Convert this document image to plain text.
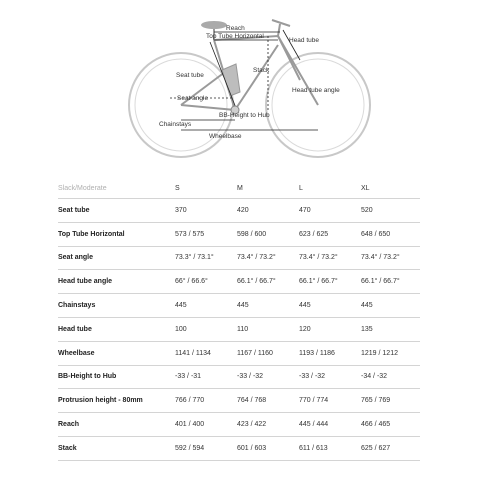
Reach
Top Tube Horizontal
Head tube
Stack
Seat tube
Head tube angle
Seat angle
BB-Height to Hub
Chainstays
Wheelbase
Slack/Moderate	S	M	L	XL
Seat tube	370	420	470	520
Top Tube Horizontal	573 / 575	598 / 600	623 / 625	648 / 650
Seat angle	73.3° / 73.1°	73.4° / 73.2°	73.4° / 73.2°	73.4° / 73.2°
Head tube angle	66° / 66.6°	66.1° / 66.7°	66.1° / 66.7°	66.1° / 66.7°
Chainstays	445	445	445	445
Head tube	100	110	120	135
Wheelbase	1141 / 1134	1167 / 1160	1193 / 1186	1219 / 1212
BB-Height to Hub	-33 / -31	-33 / -32	-33 / -32	-34 / -32
Protrusion height - 80mm	766 / 770	764 / 768	770 / 774	765 / 769
Reach	401 / 400	423 / 422	445 / 444	466 / 465
Stack	592 / 594	601 / 603	611 / 613	625 / 627
